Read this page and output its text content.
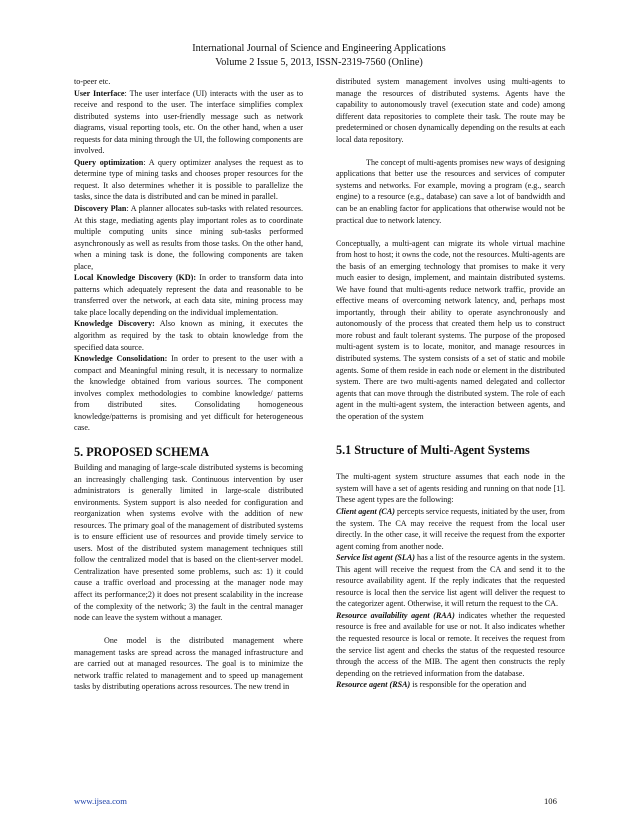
International Journal of Science and Engineering Applications
Volume 2 Issue 5, 2013, ISSN-2319-7560 (Online)

to-peer etc.

User Interface: The user interface (UI) interacts with the user as to receive and respond to the user. The interface simplifies complex distributed systems into user-friendly message such as network diagrams, visual reporting tools, etc. On the other hand, when a user requests for data mining through the UI, the following components are involved.

Query optimization: A query optimizer analyses the request as to determine type of mining tasks and chooses proper resources for the request. It also determines whether it is possible to parallelize the tasks, since the data is distributed and can be mined in parallel.

Discovery Plan: A planner allocates sub-tasks with related resources. At this stage, mediating agents play important roles as to coordinate multiple computing units since mining sub-tasks performed asynchronously as well as results from those tasks. On the other hand, when a mining task is done, the following components are taken place,

Local Knowledge Discovery (KD): In order to transform data into patterns which adequately represent the data and reasonable to be transferred over the network, at each data site, mining process may take place locally depending on the individual implementation.

Knowledge Discovery: Also known as mining, it executes the algorithm as required by the task to obtain knowledge from the specified data source.

Knowledge Consolidation: In order to present to the user with a compact and Meaningful mining result, it is necessary to normalize the knowledge obtained from various sources. The component involves complex methodologies to combine knowledge/ patterns from distributed sites. Consolidating homogeneous knowledge/patterns is promising and yet difficult for heterogeneous case.

5. PROPOSED SCHEMA

Building and managing of large-scale distributed systems is becoming an increasingly challenging task. Continuous intervention by user administrators is generally limited in large-scale distributed environments. System support is also needed for configuration and reorganization when systems evolve with the addition of new resources. The primary goal of the management of distributed systems is to ensure efficient use of resources and provide timely service to users. Most of the distributed system management techniques still follow the centralized model that is based on the client-server model. Centralization have presented some problems, such as: 1) it could cause a traffic overload and processing at the manager node may affect its performance;2) it does not present scalability in the increase of the complexity of the network; 3) the fault in the central manager node can leave the system without a manager.

One model is the distributed management where management tasks are spread across the managed infrastructure and are carried out at managed resources. The goal is to minimize the network traffic related to management and to speed up management tasks by distributing operations across resources. The new trend in

distributed system management involves using multi-agents to manage the resources of distributed systems. Agents have the capability to autonomously travel (execution state and code) among different data repositories to complete their task. The route may be predetermined or chosen dynamically depending on the results at each local data repository.

The concept of multi-agents promises new ways of designing applications that better use the resources and services of computer systems and networks. For example, moving a program (e.g., search engine) to a resource (e.g., database) can save a lot of bandwidth and can be an enabling factor for applications that otherwise would not be practical due to network latency.

Conceptually, a multi-agent can migrate its whole virtual machine from host to host; it owns the code, not the resources. Multi-agents are the basis of an emerging technology that promises to make it very much easier to design, implement, and maintain distributed systems. We have found that multi-agents reduce network traffic, provide an effective means of overcoming network latency, and, perhaps most importantly, through their ability to operate asynchronously and autonomously of the process that created them help us to construct more robust and fault tolerant systems. The purpose of the proposed multi-agent system is to locate, monitor, and manage resources in distributed systems. The system consists of a set of static and mobile agents. Some of them reside in each node or element in the distributed system. There are two multi-agents named delegated and collector agents that can move through the distributed system. The role of each agent in the multi-agent system, the interaction between agents, and the operation of the system

5.1 Structure of Multi-Agent Systems

The multi-agent system structure assumes that each node in the system will have a set of agents residing and running on that node [1]. These agent types are the following:

Client agent (CA) percepts service requests, initiated by the user, from the system. The CA may receive the request from the local user directly. In the other case, it will receive the request from the exporter agent coming from another node.

Service list agent (SLA) has a list of the resource agents in the system. This agent will receive the request from the CA and send it to the resource availability agent. If the reply indicates that the requested resource is local then the service list agent will deliver the request to the categorizer agent. Otherwise, it will return the request to the CA.

Resource availability agent (RAA) indicates whether the requested resource is free and available for use or not. It also indicates whether the requested resource is local or remote. It receives the request from the service list agent and checks the status of the requested resource through the access of the MIB. The agent then constructs the reply depending on the retrieved information from the database.

Resource agent (RSA) is responsible for the operation and

www.ijsea.com	106
